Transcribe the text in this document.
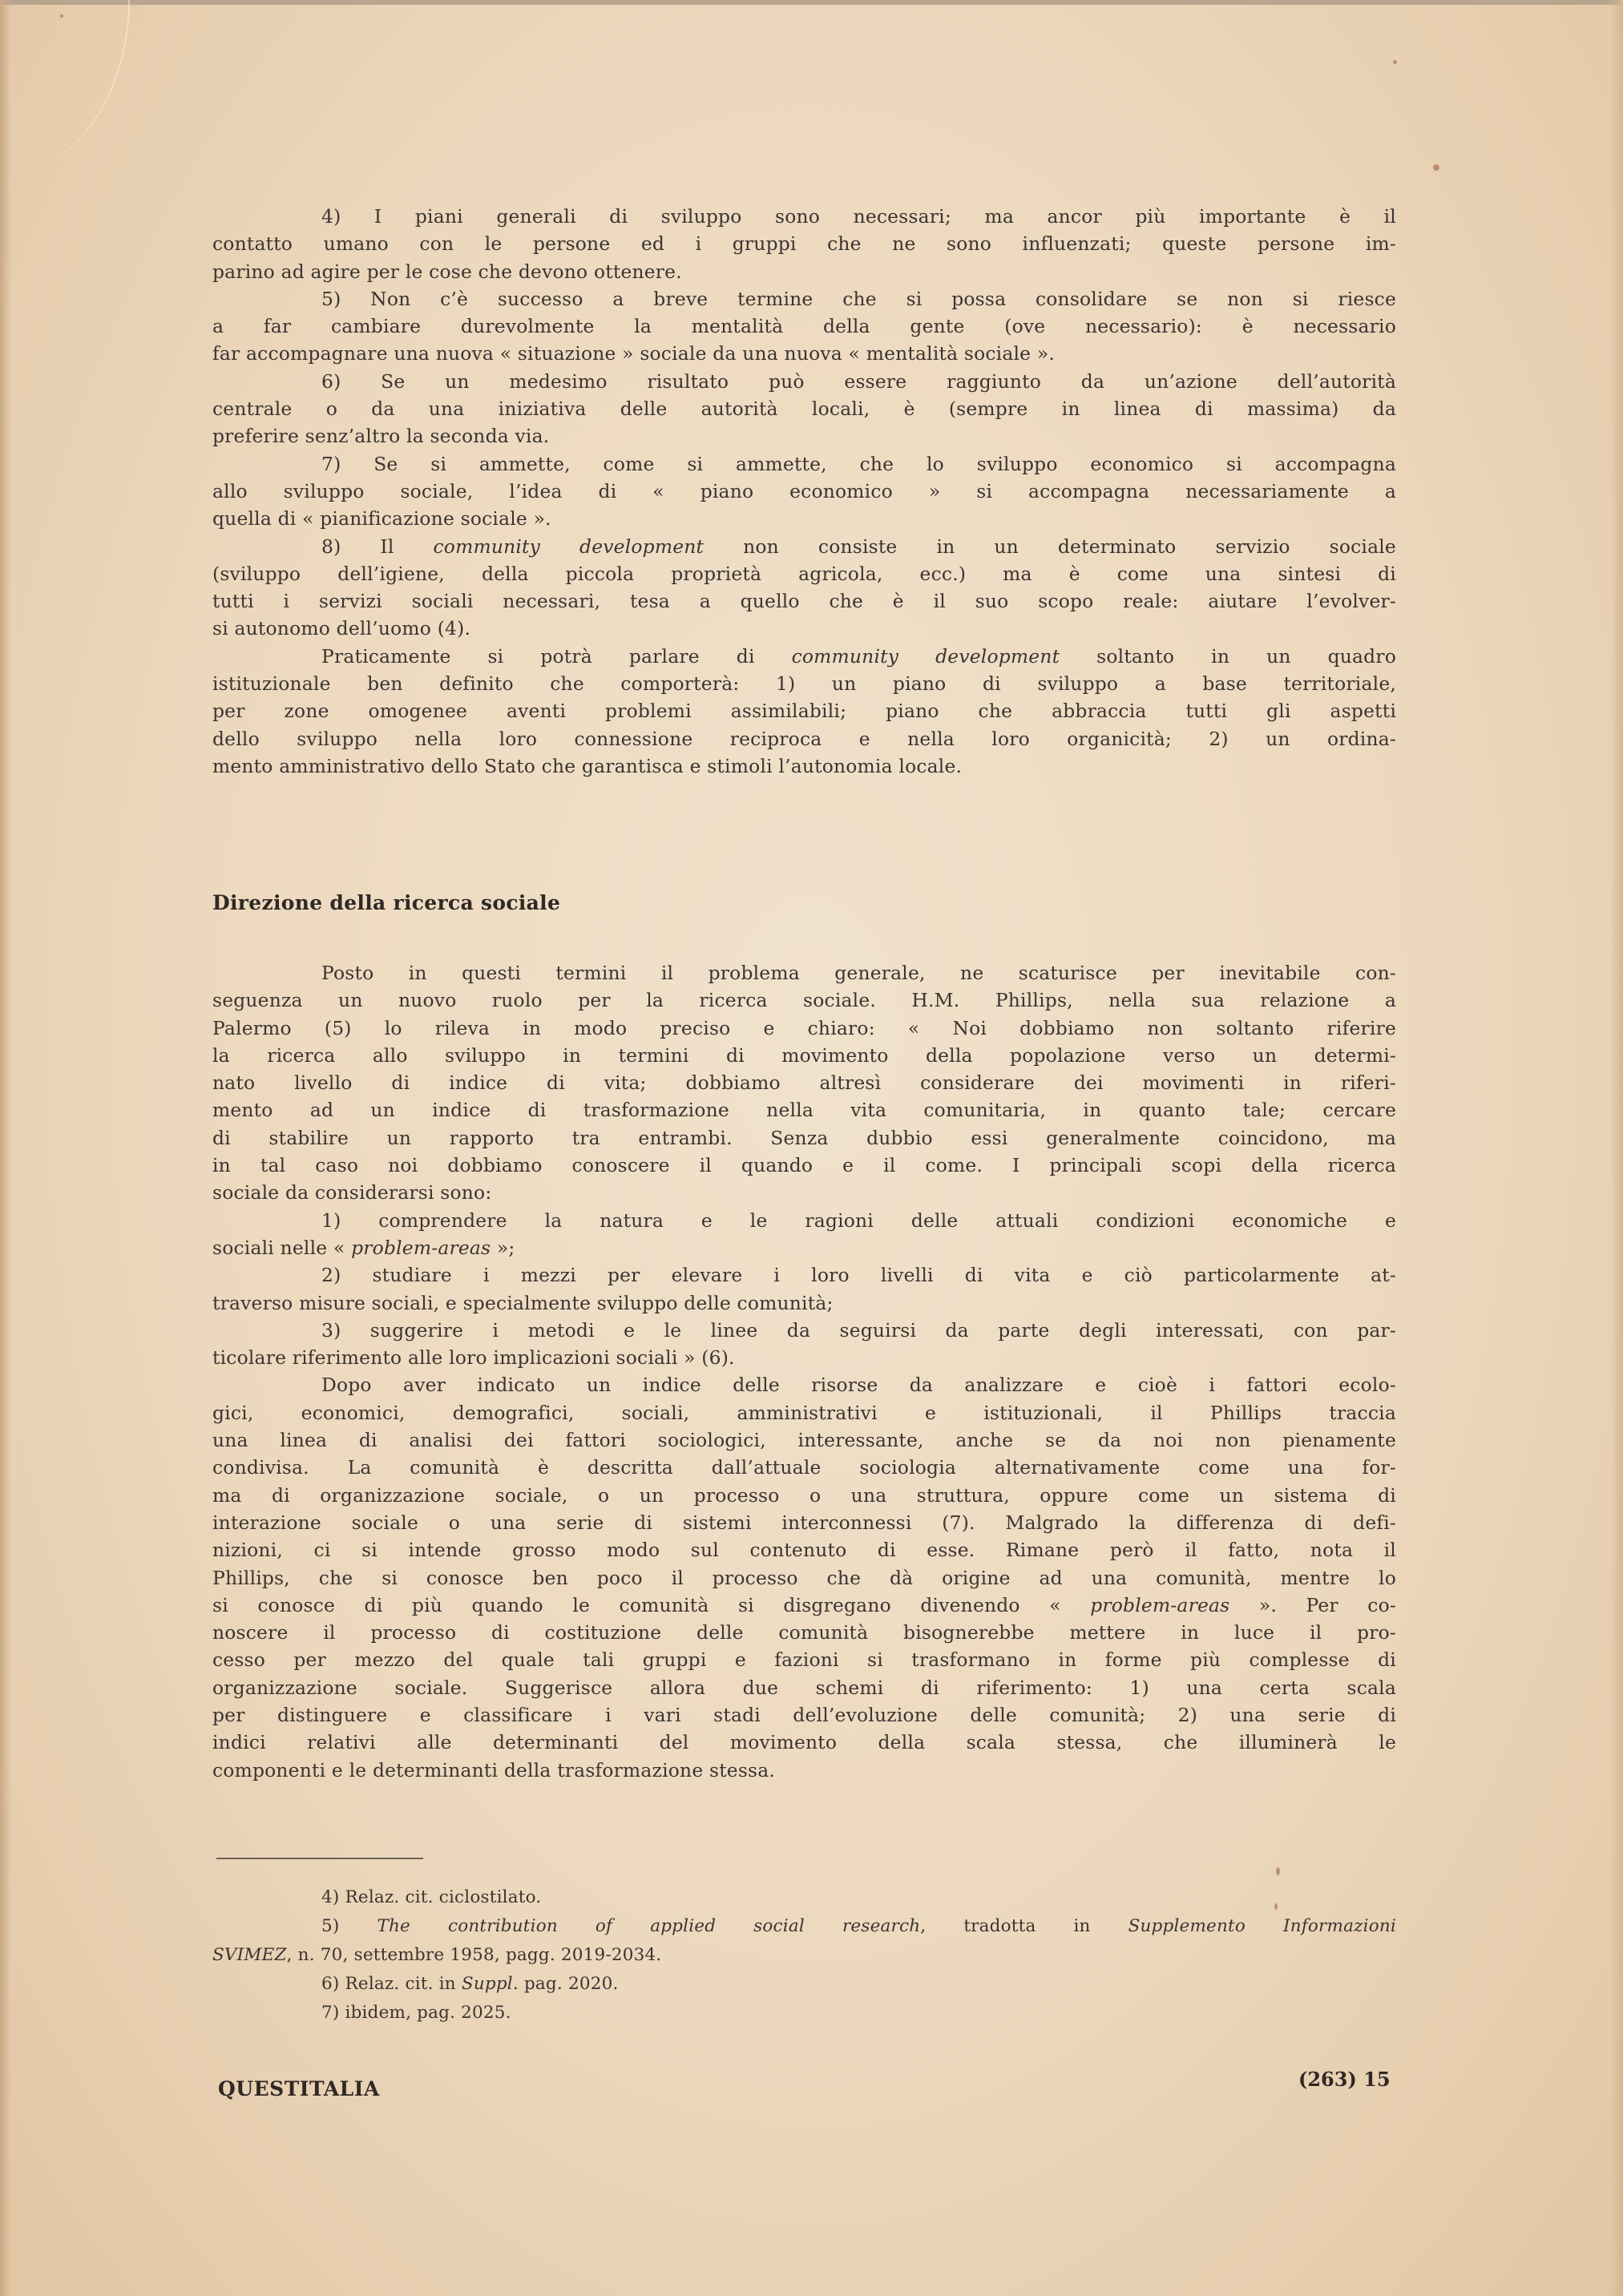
4) I piani generali di sviluppo sono necessari; ma ancor più importante è il
contatto umano con le persone ed i gruppi che ne sono influenzati; queste persone im-
parino ad agire per le cose che devono ottenere.
5) Non c’è successo a breve termine che si possa consolidare se non si riesce
a far cambiare durevolmente la mentalità della gente (ove necessario): è necessario
far accompagnare una nuova « situazione » sociale da una nuova « mentalità sociale ».
6) Se un medesimo risultato può essere raggiunto da un’azione dell’autorità
centrale o da una iniziativa delle autorità locali, è (sempre in linea di massima) da
preferire senz’altro la seconda via.
7) Se si ammette, come si ammette, che lo sviluppo economico si accompagna
allo sviluppo sociale, l’idea di « piano economico » si accompagna necessariamente a
quella di « pianificazione sociale ».
8) Il community development non consiste in un determinato servizio sociale
(sviluppo dell’igiene, della piccola proprietà agricola, ecc.) ma è come una sintesi di
tutti i servizi sociali necessari, tesa a quello che è il suo scopo reale: aiutare l’evolver-
si autonomo dell’uomo (4).
Praticamente si potrà parlare di community development soltanto in un quadro
istituzionale ben definito che comporterà: 1) un piano di sviluppo a base territoriale,
per zone omogenee aventi problemi assimilabili; piano che abbraccia tutti gli aspetti
dello sviluppo nella loro connessione reciproca e nella loro organicità; 2) un ordina-
mento amministrativo dello Stato che garantisca e stimoli l’autonomia locale.
Direzione della ricerca sociale
Posto in questi termini il problema generale, ne scaturisce per inevitabile con-
seguenza un nuovo ruolo per la ricerca sociale. H.M. Phillips, nella sua relazione a
Palermo (5) lo rileva in modo preciso e chiaro: « Noi dobbiamo non soltanto riferire
la ricerca allo sviluppo in termini di movimento della popolazione verso un determi-
nato livello di indice di vita; dobbiamo altresì considerare dei movimenti in riferi-
mento ad un indice di trasformazione nella vita comunitaria, in quanto tale; cercare
di stabilire un rapporto tra entrambi. Senza dubbio essi generalmente coincidono, ma
in tal caso noi dobbiamo conoscere il quando e il come. I principali scopi della ricerca
sociale da considerarsi sono:
1) comprendere la natura e le ragioni delle attuali condizioni economiche e
sociali nelle « problem-areas »;
2) studiare i mezzi per elevare i loro livelli di vita e ciò particolarmente at-
traverso misure sociali, e specialmente sviluppo delle comunità;
3) suggerire i metodi e le linee da seguirsi da parte degli interessati, con par-
ticolare riferimento alle loro implicazioni sociali » (6).
Dopo aver indicato un indice delle risorse da analizzare e cioè i fattori ecolo-
gici, economici, demografici, sociali, amministrativi e istituzionali, il Phillips traccia
una linea di analisi dei fattori sociologici, interessante, anche se da noi non pienamente
condivisa. La comunità è descritta dall’attuale sociologia alternativamente come una for-
ma di organizzazione sociale, o un processo o una struttura, oppure come un sistema di
interazione sociale o una serie di sistemi interconnessi (7). Malgrado la differenza di defi-
nizioni, ci si intende grosso modo sul contenuto di esse. Rimane però il fatto, nota il
Phillips, che si conosce ben poco il processo che dà origine ad una comunità, mentre lo
si conosce di più quando le comunità si disgregano divenendo « problem-areas ». Per co-
noscere il processo di costituzione delle comunità bisognerebbe mettere in luce il pro-
cesso per mezzo del quale tali gruppi e fazioni si trasformano in forme più complesse di
organizzazione sociale. Suggerisce allora due schemi di riferimento: 1) una certa scala
per distinguere e classificare i vari stadi dell’evoluzione delle comunità; 2) una serie di
indici relativi alle determinanti del movimento della scala stessa, che illuminerà le
componenti e le determinanti della trasformazione stessa.
4) Relaz. cit. ciclostilato.
5) The contribution of applied social research, tradotta in Supplemento Informazioni
SVIMEZ, n. 70, settembre 1958, pagg. 2019-2034.
6) Relaz. cit. in Suppl. pag. 2020.
7) ibidem, pag. 2025.
QUESTITALIA	(263) 15
